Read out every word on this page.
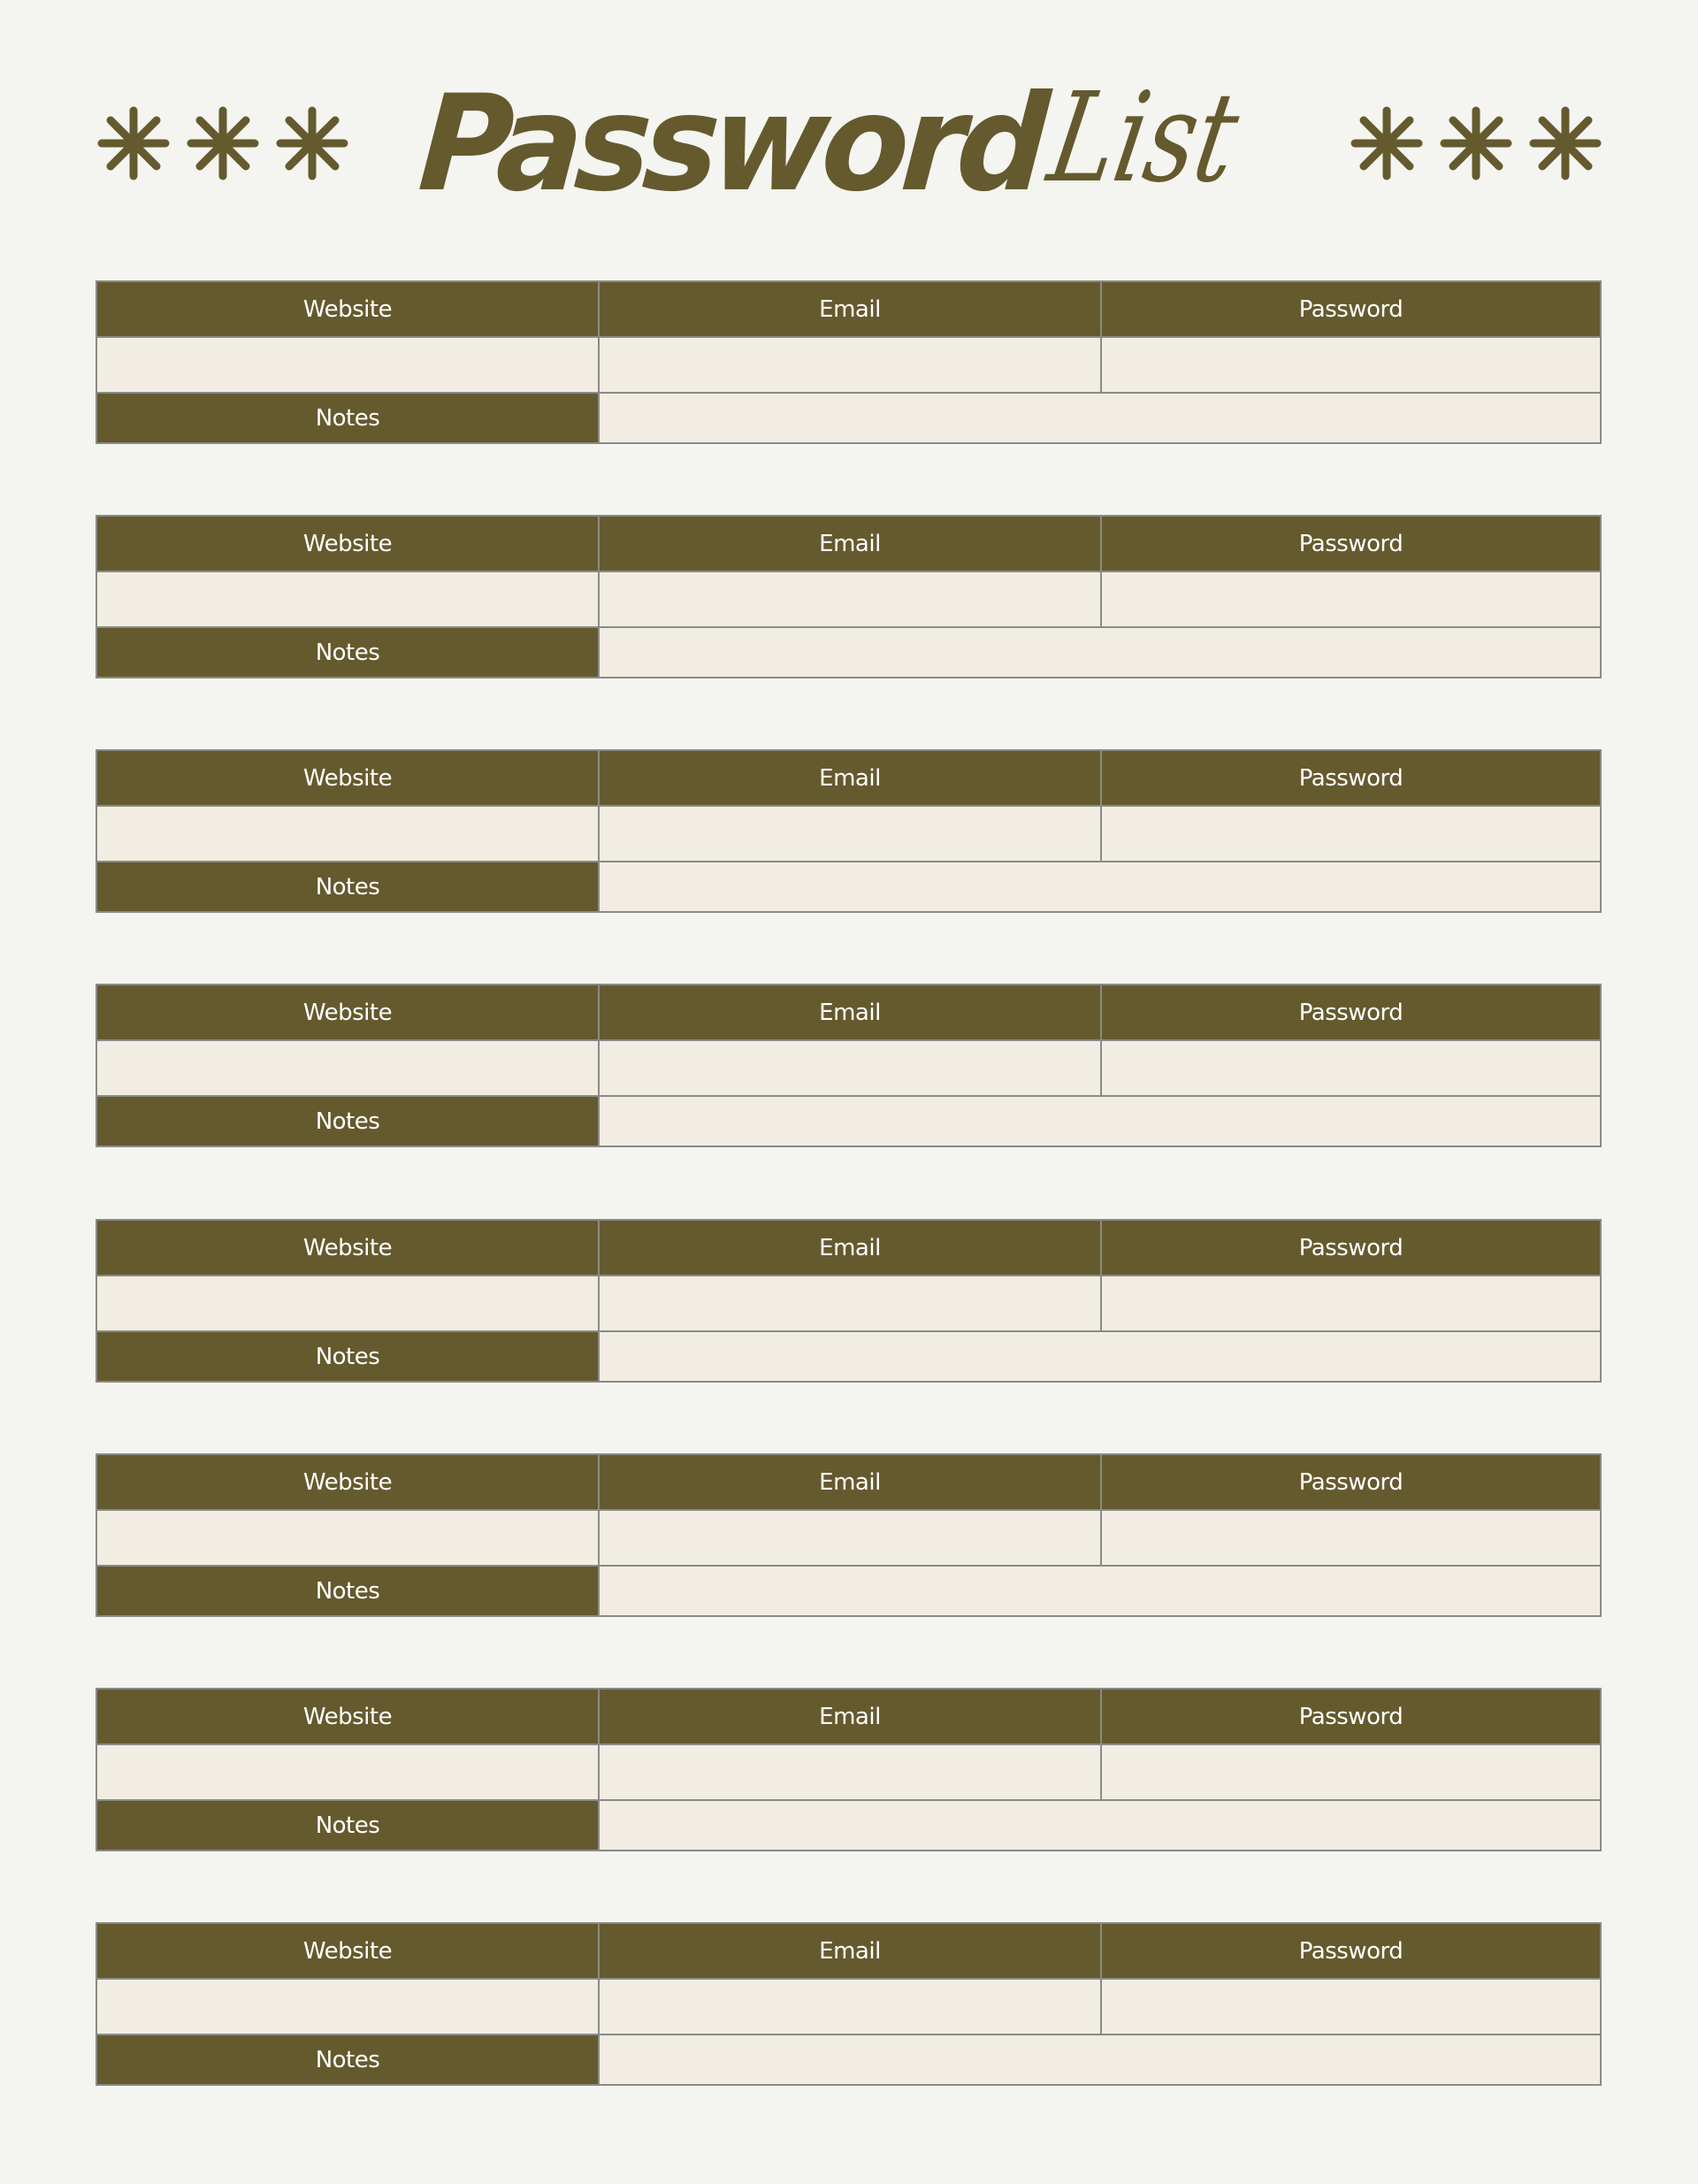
Password
List
Website	Email	Password
Notes
Website	Email	Password
Notes
Website	Email	Password
Notes
Website	Email	Password
Notes
Website	Email	Password
Notes
Website	Email	Password
Notes
Website	Email	Password
Notes
Website	Email	Password
Notes
